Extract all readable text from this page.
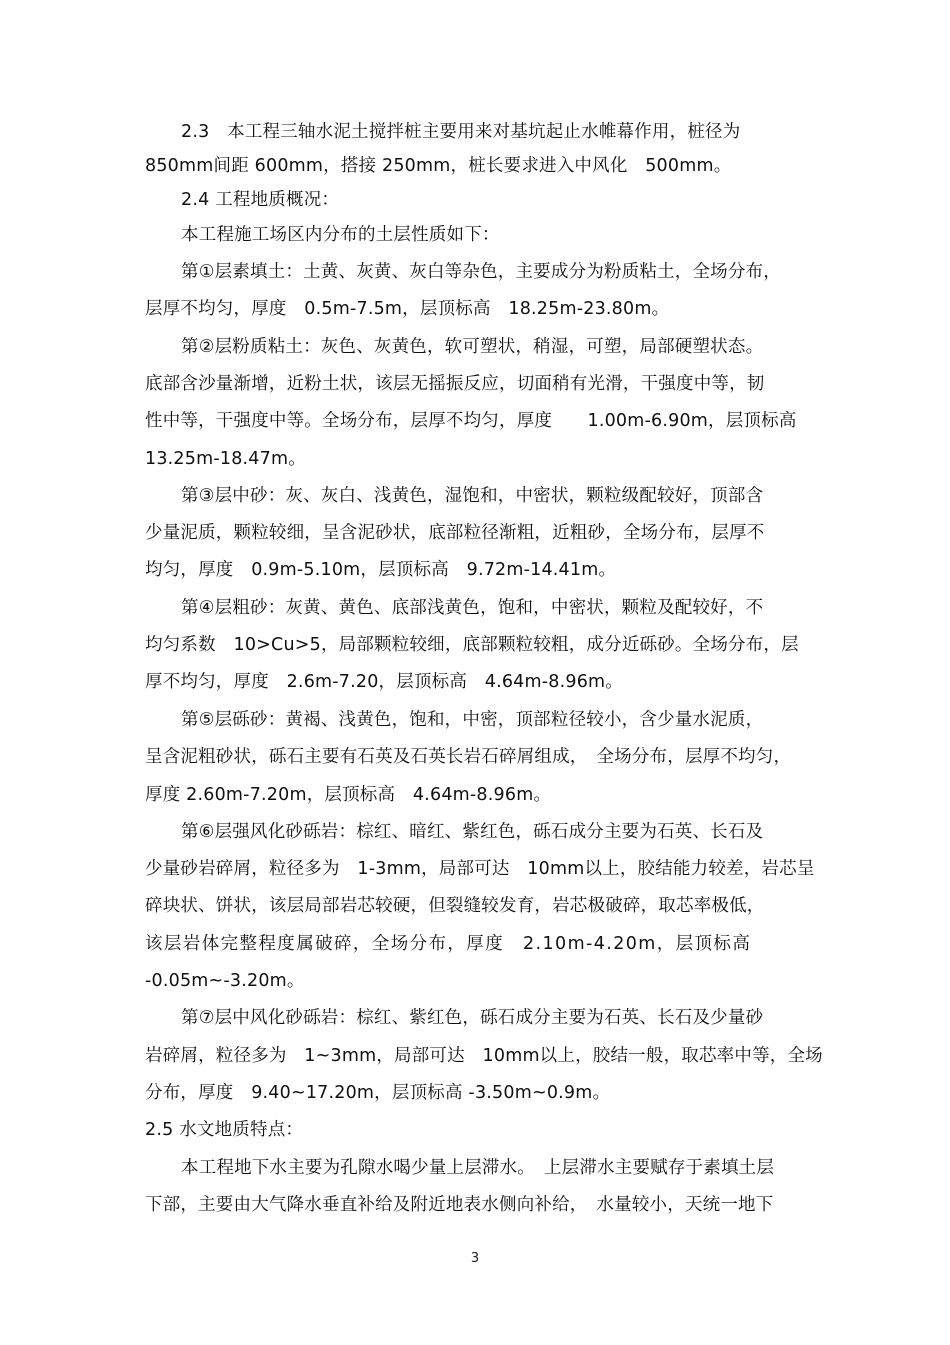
2.3　本工程三轴水泥土搅拌桩主要用来对基坑起止水帷幕作用，桩径为
850mm间距 600mm，搭接 250mm，桩长要求进入中风化　500mm。
2.4 工程地质概况：
本工程施工场区内分布的土层性质如下：
第①层素填土：土黄、灰黄、灰白等杂色，主要成分为粉质粘土，全场分布，
层厚不均匀，厚度　0.5m-7.5m，层顶标高　18.25m-23.80m。
第②层粉质粘土：灰色、灰黄色，软可塑状，稍湿，可塑，局部硬塑状态。
底部含沙量渐增，近粉土状，该层无摇振反应，切面稍有光滑，干强度中等，韧
性中等，干强度中等。全场分布，层厚不均匀，厚度　　1.00m-6.90m，层顶标高
13.25m-18.47m。
第③层中砂：灰、灰白、浅黄色，湿饱和，中密状，颗粒级配较好，顶部含
少量泥质，颗粒较细，呈含泥砂状，底部粒径渐粗，近粗砂，全场分布，层厚不
均匀，厚度　0.9m-5.10m，层顶标高　9.72m-14.41m。
第④层粗砂：灰黄、黄色、底部浅黄色，饱和，中密状，颗粒及配较好，不
均匀系数　10>Cu>5，局部颗粒较细，底部颗粒较粗，成分近砾砂。全场分布，层
厚不均匀，厚度　2.6m-7.20，层顶标高　4.64m-8.96m。
第⑤层砾砂：黄褐、浅黄色，饱和，中密，顶部粒径较小，含少量水泥质，
呈含泥粗砂状，砾石主要有石英及石英长岩石碎屑组成，　全场分布，层厚不均匀，
厚度 2.60m-7.20m，层顶标高　4.64m-8.96m。
第⑥层强风化砂砾岩：棕红、暗红、紫红色，砾石成分主要为石英、长石及
少量砂岩碎屑，粒径多为　1-3mm，局部可达　10mm以上，胶结能力较差，岩芯呈
碎块状、饼状，该层局部岩芯较硬，但裂缝较发育，岩芯极破碎，取芯率极低，
该层岩体完整程度属破碎，全场分布，厚度　2.10m-4.20m，层顶标高
-0.05m~-3.20m。
第⑦层中风化砂砾岩：棕红、紫红色，砾石成分主要为石英、长石及少量砂
岩碎屑，粒径多为　1~3mm，局部可达　10mm以上，胶结一般，取芯率中等，全场
分布，厚度　9.40~17.20m，层顶标高 -3.50m~0.9m。
2.5 水文地质特点：
本工程地下水主要为孔隙水喝少量上层滞水。　上层滞水主要赋存于素填土层
下部，主要由大气降水垂直补给及附近地表水侧向补给，　水量较小，天统一地下
3
